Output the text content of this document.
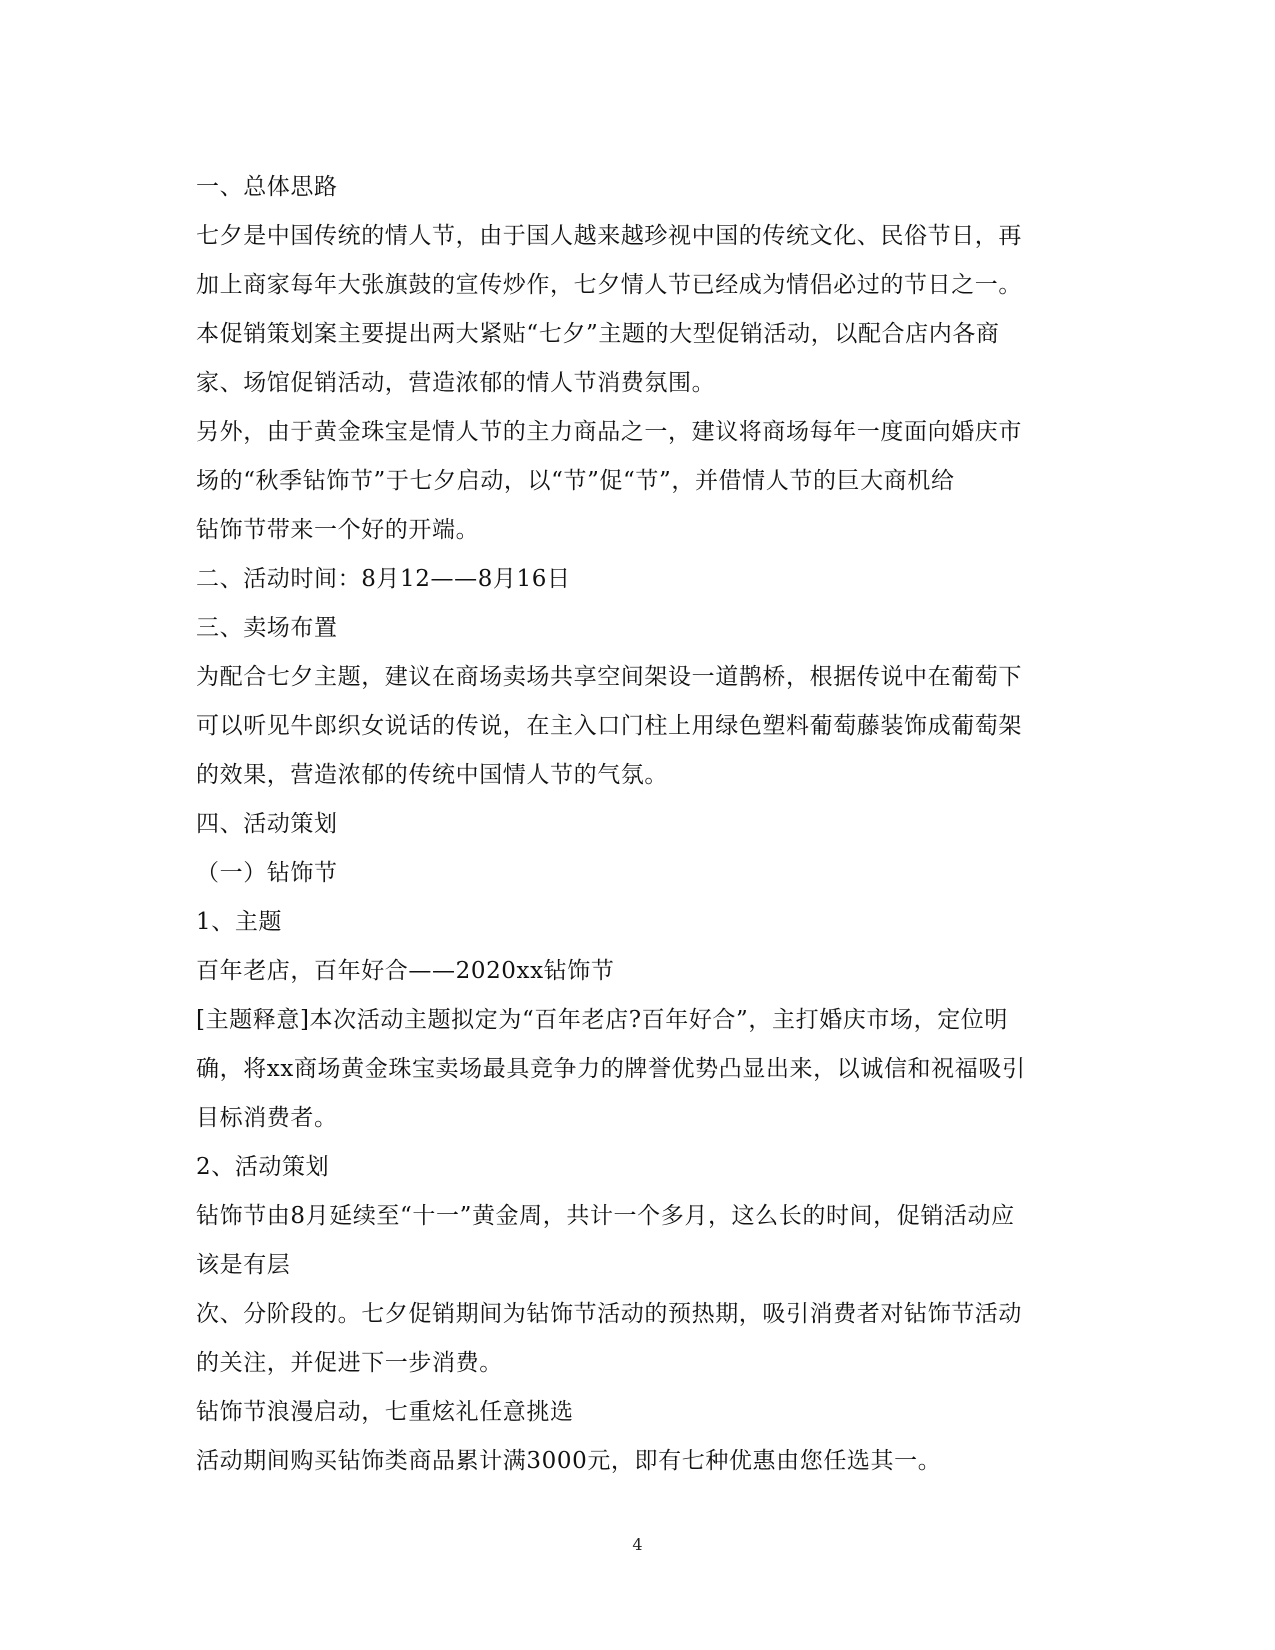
一、总体思路
七夕是中国传统的情人节，由于国人越来越珍视中国的传统文化、民俗节日，再
加上商家每年大张旗鼓的宣传炒作，七夕情人节已经成为情侣必过的节日之一。
本促销策划案主要提出两大紧贴“七夕”主题的大型促销活动，以配合店内各商
家、场馆促销活动，营造浓郁的情人节消费氛围。
另外，由于黄金珠宝是情人节的主力商品之一，建议将商场每年一度面向婚庆市
场的“秋季钻饰节”于七夕启动，以“节”促“节”，并借情人节的巨大商机给
钻饰节带来一个好的开端。
二、活动时间：8月12——8月16日
三、卖场布置
为配合七夕主题，建议在商场卖场共享空间架设一道鹊桥，根据传说中在葡萄下
可以听见牛郎织女说话的传说，在主入口门柱上用绿色塑料葡萄藤装饰成葡萄架
的效果，营造浓郁的传统中国情人节的气氛。
四、活动策划
（一）钻饰节
1、主题
百年老店，百年好合——2020xx钻饰节
[主题释意]本次活动主题拟定为“百年老店?百年好合”，主打婚庆市场，定位明
确，将xx商场黄金珠宝卖场最具竞争力的牌誉优势凸显出来，以诚信和祝福吸引
目标消费者。
2、活动策划
钻饰节由8月延续至“十一”黄金周，共计一个多月，这么长的时间，促销活动应
该是有层
次、分阶段的。七夕促销期间为钻饰节活动的预热期，吸引消费者对钻饰节活动
的关注，并促进下一步消费。
钻饰节浪漫启动，七重炫礼任意挑选
活动期间购买钻饰类商品累计满3000元，即有七种优惠由您任选其一。
4
